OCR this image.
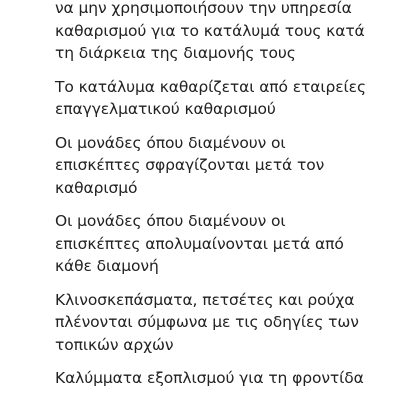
να μην χρησιμοποιήσουν την υπηρεσία
καθαρισμού για το κατάλυμά τους κατά
τη διάρκεια της διαμονής τους
Το κατάλυμα καθαρίζεται από εταιρείες
επαγγελματικού καθαρισμού
Οι μονάδες όπου διαμένουν οι
επισκέπτες σφραγίζονται μετά τον
καθαρισμό
Οι μονάδες όπου διαμένουν οι
επισκέπτες απολυμαίνονται μετά από
κάθε διαμονή
Κλινοσκεπάσματα, πετσέτες και ρούχα
πλένονται σύμφωνα με τις οδηγίες των
τοπικών αρχών
Καλύμματα εξοπλισμού για τη φροντίδα
